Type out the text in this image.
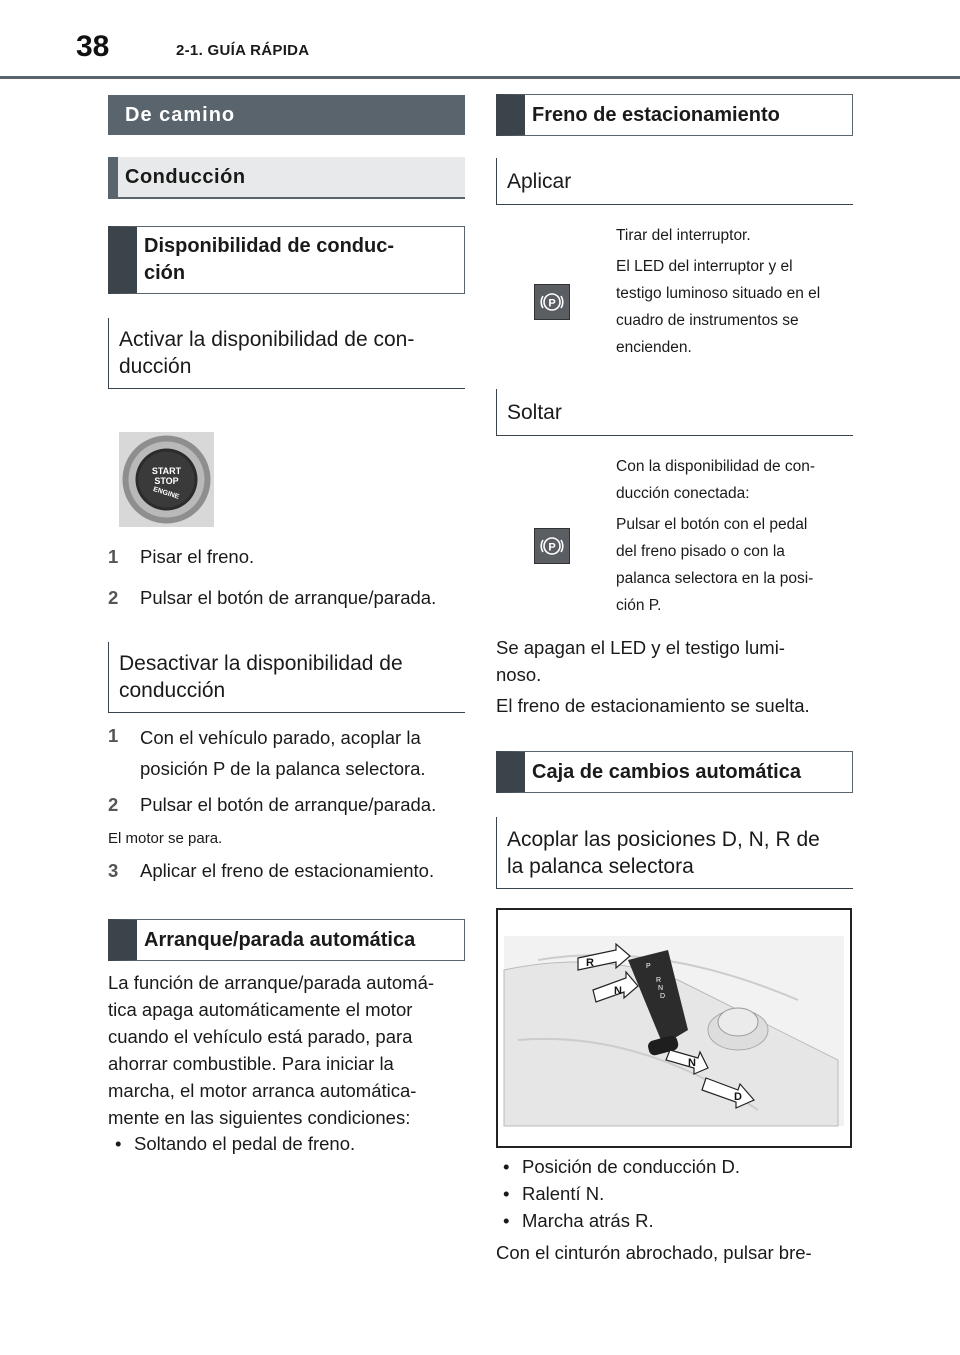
38	2-1. GUÍA RÁPIDA
De camino
Conducción
Disponibilidad de conduc-
ción
Activar la disponibilidad de con-
ducción
START
STOP
ENGINE
1 Pisar el freno.
2 Pulsar el botón de arranque/parada.
Desactivar la disponibilidad de
conducción
1 Con el vehículo parado, acoplar la
posición P de la palanca selectora.
2 Pulsar el botón de arranque/parada.
El motor se para.
3 Aplicar el freno de estacionamiento.
Arranque/parada automática
La función de arranque/parada automá-
tica apaga automáticamente el motor
cuando el vehículo está parado, para
ahorrar combustible. Para iniciar la
marcha, el motor arranca automática-
mente en las siguientes condiciones:
• Soltando el pedal de freno.
Freno de estacionamiento
Aplicar
P
Tirar del interruptor.
El LED del interruptor y el
testigo luminoso situado en el
cuadro de instrumentos se
encienden.
Soltar
P
Con la disponibilidad de con-
ducción conectada:
Pulsar el botón con el pedal
del freno pisado o con la
palanca selectora en la posi-
ción P.
Se apagan el LED y el testigo lumi-
noso.
El freno de estacionamiento se suelta.
Caja de cambios automática
Acoplar las posiciones D, N, R de
la palanca selectora
P
R
N
D
R
N
N
D
• Posición de conducción D.
• Ralentí N.
• Marcha atrás R.
Con el cinturón abrochado, pulsar bre-
